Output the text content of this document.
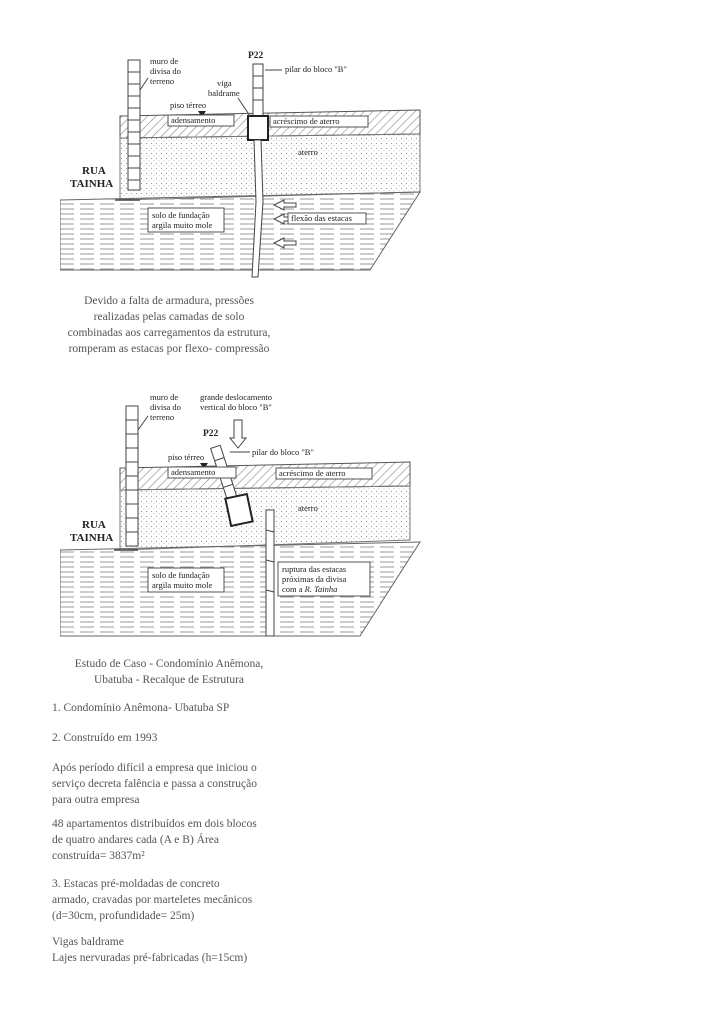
muro de
divisa do
terreno
P22
pilar do bloco "B"
viga
baldrame
piso térreo
adensamento	acréscimo de aterro
aterro
RUA
TAINHA
solo de fundação
argila muito mole
flexão das estacas
Devido a falta de armadura, pressões
realizadas pelas camadas de solo
combinadas aos carregamentos da estrutura,
romperam as estacas por flexo- compressão
muro de
divisa do
terreno
grande deslocamento
vertical do bloco "B"
P22
pilar do bloco "B"
piso térreo
adensamento	acréscimo de aterro
aterro
RUA
TAINHA
solo de fundação
argila muito mole
ruptura das estacas
próximas da divisa
com a R. Tainha
Estudo de Caso - Condomínio Anêmona,
Ubatuba - Recalque de Estrutura
1. Condomínio Anêmona- Ubatuba SP
2. Construído em 1993
Após período difícil a empresa que iniciou o
serviço decreta falência e passa a construção
para outra empresa
48 apartamentos distribuídos em dois blocos
de quatro andares cada (A e B) Área
construída= 3837m²
3. Estacas pré-moldadas de concreto
armado, cravadas por marteletes mecânicos
(d=30cm, profundidade= 25m)
Vigas baldrame
Lajes nervuradas pré-fabricadas (h=15cm)
